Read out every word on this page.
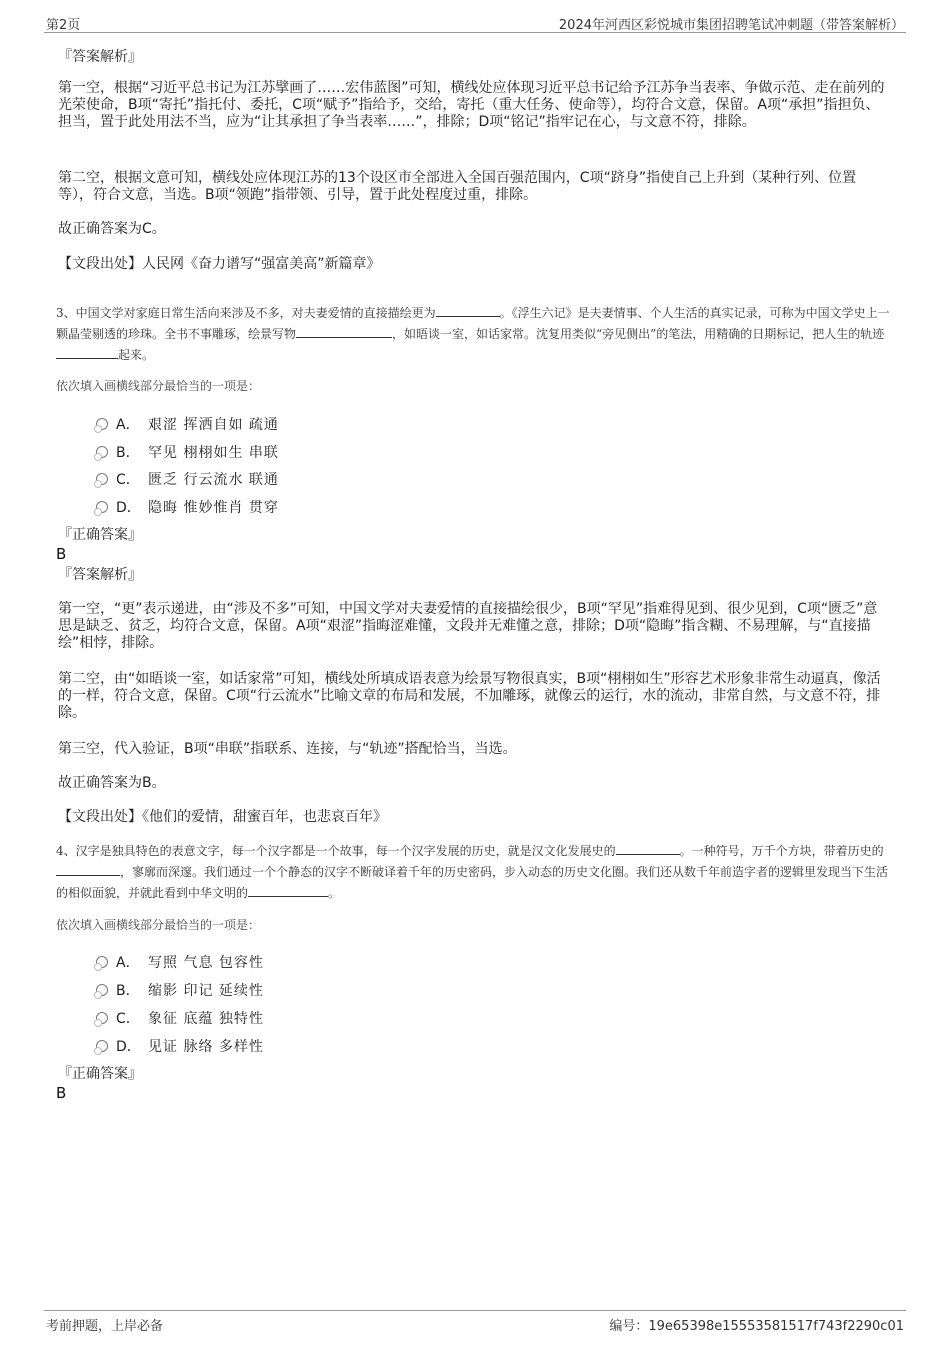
第2页	2024年河西区彩悦城市集团招聘笔试冲刺题（带答案解析）
『答案解析』

第一空，根据“习近平总书记为江苏擘画了……宏伟蓝图”可知，横线处应体现习近平总书记给予江苏争当表率、争做示范、走在前列的光荣使命，B项“寄托”指托付、委托，C项“赋予”指给予，交给，寄托（重大任务、使命等），均符合文意，保留。A项“承担”指担负、担当，置于此处用法不当，应为“让其承担了争当表率……”，排除；D项“铭记”指牢记在心，与文意不符，排除。

第二空，根据文意可知，横线处应体现江苏的13个设区市全部进入全国百强范围内，C项“跻身”指使自己上升到（某种行列、位置等），符合文意，当选。B项“领跑”指带领、引导，置于此处程度过重，排除。

故正确答案为C。

【文段出处】人民网《奋力谱写“强富美高”新篇章》

3、中国文学对家庭日常生活向来涉及不多，对夫妻爱情的直接描绘更为	。《浮生六记》是夫妻情事、个人生活的真实记录，可称为中国文学史上一颗晶莹剔透的珍珠。全书不事雕琢，绘景写物	，如晤谈一室，如话家常。沈复用类似“旁见侧出”的笔法，用精确的日期标记，把人生的轨迹起来。

依次填入画横线部分最恰当的一项是：
A． 艰涩 挥洒自如 疏通
B． 罕见 栩栩如生 串联
C． 匮乏 行云流水 联通
D． 隐晦 惟妙惟肖 贯穿
『正确答案』
B
『答案解析』

第一空，“更”表示递进，由“涉及不多”可知，中国文学对夫妻爱情的直接描绘很少，B项“罕见”指难得见到、很少见到，C项“匮乏”意思是缺乏、贫乏，均符合文意，保留。A项“艰涩”指晦涩难懂，文段并无难懂之意，排除；D项“隐晦”指含糊、不易理解，与“直接描绘”相悖，排除。

第二空，由“如晤谈一室，如话家常”可知，横线处所填成语表意为绘景写物很真实，B项“栩栩如生”形容艺术形象非常生动逼真，像活的一样，符合文意，保留。C项“行云流水”比喻文章的布局和发展，不加雕琢，就像云的运行，水的流动，非常自然，与文意不符，排除。

第三空，代入验证，B项“串联”指联系、连接，与“轨迹”搭配恰当，当选。

故正确答案为B。

【文段出处】《他们的爱情，甜蜜百年，也悲哀百年》

4、汉字是独具特色的表意文字，每一个汉字都是一个故事，每一个汉字发展的历史，就是汉文化发展史的	。一种符号，万千个方块，带着历史的，寥廓而深邃。我们通过一个个静态的汉字不断破译着千年的历史密码，步入动态的历史文化圈。我们还从数千年前造字者的逻辑里发现当下生活的相似面貌，并就此看到中华文明的	。

依次填入画横线部分最恰当的一项是：
A． 写照 气息 包容性
B． 缩影 印记 延续性
C． 象征 底蕴 独特性
D． 见证 脉络 多样性
『正确答案』
B
考前押题，上岸必备	编号：19e65398e15553581517f743f2290c01
